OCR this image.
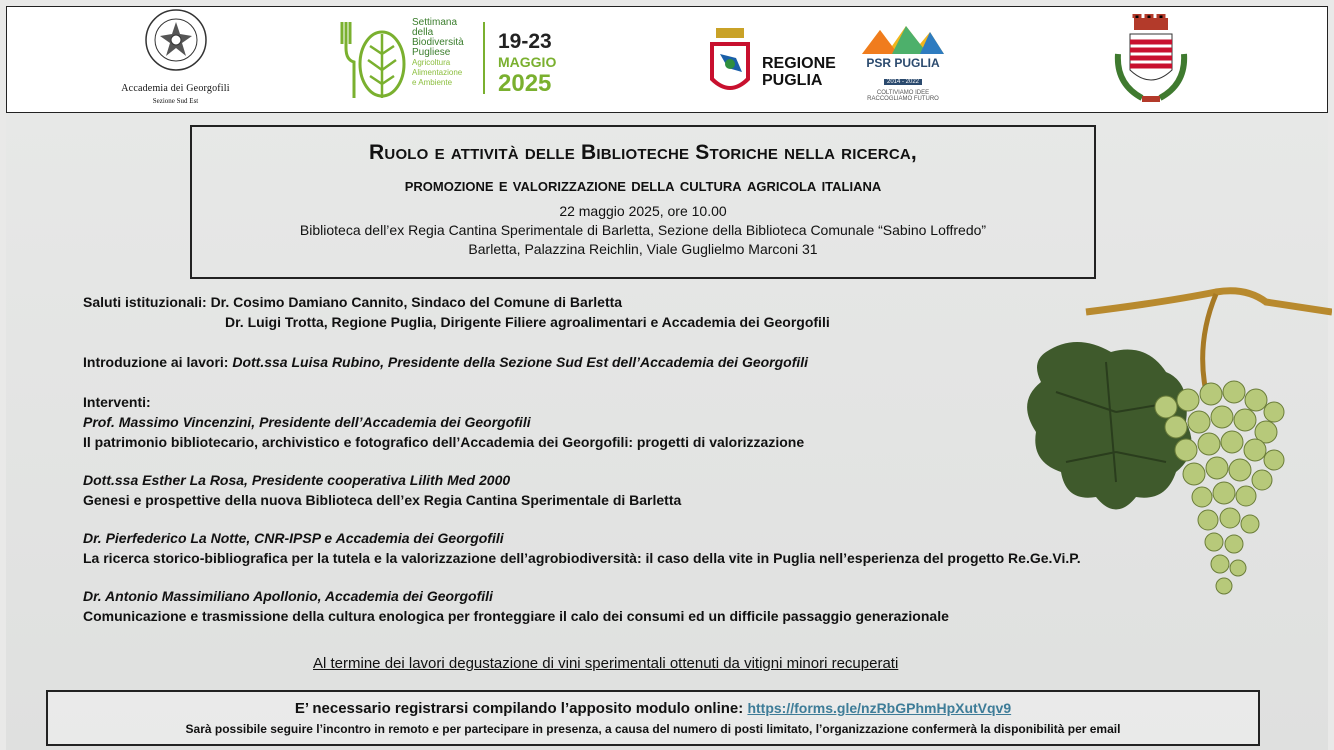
Accademia dei Georgofili
Sezione Sud Est
Settimana
della
Biodiversità
Pugliese
Agricoltura
Alimentazione
e Ambiente
19-23
MAGGIO
2025
REGIONE
PUGLIA
PSR PUGLIA
2014 - 2022
COLTIVIAMO IDEE
RACCOGLIAMO FUTURO
Ruolo e attività delle Biblioteche Storiche nella ricerca,
promozione e valorizzazione della cultura agricola italiana
22 maggio 2025, ore 10.00
Biblioteca dell’ex Regia Cantina Sperimentale di Barletta, Sezione della Biblioteca Comunale “Sabino Loffredo”
Barletta, Palazzina Reichlin, Viale Guglielmo Marconi 31

Saluti istituzionali: Dr. Cosimo Damiano Cannito, Sindaco del Comune di Barletta

Dr. Luigi Trotta, Regione Puglia, Dirigente Filiere agroalimentari e Accademia dei Georgofili

Introduzione ai lavori: Dott.ssa Luisa Rubino, Presidente della Sezione Sud Est dell’Accademia dei Georgofili

Interventi:

Prof. Massimo Vincenzini, Presidente dell’Accademia dei Georgofili

Il patrimonio bibliotecario, archivistico e fotografico dell’Accademia dei Georgofili: progetti di valorizzazione

Dott.ssa Esther La Rosa, Presidente cooperativa Lilith Med 2000

Genesi e prospettive della nuova Biblioteca dell’ex Regia Cantina Sperimentale di Barletta

Dr. Pierfederico La Notte, CNR-IPSP e Accademia dei Georgofili

La ricerca storico-bibliografica per la tutela e la valorizzazione dell’agrobiodiversità: il caso della vite in Puglia nell’esperienza del progetto Re.Ge.Vi.P.

Dr. Antonio Massimiliano Apollonio, Accademia dei Georgofili

Comunicazione e trasmissione della cultura enologica per fronteggiare il calo dei consumi ed un difficile passaggio generazionale

Al termine dei lavori degustazione di vini sperimentali ottenuti da vitigni minori recuperati
E’ necessario registrarsi compilando l’apposito modulo online: https://forms.gle/nzRbGPhmHpXutVqv9
Sarà possibile seguire l’incontro in remoto e per partecipare in presenza, a causa del numero di posti limitato, l’organizzazione confermerà la disponibilità per email
